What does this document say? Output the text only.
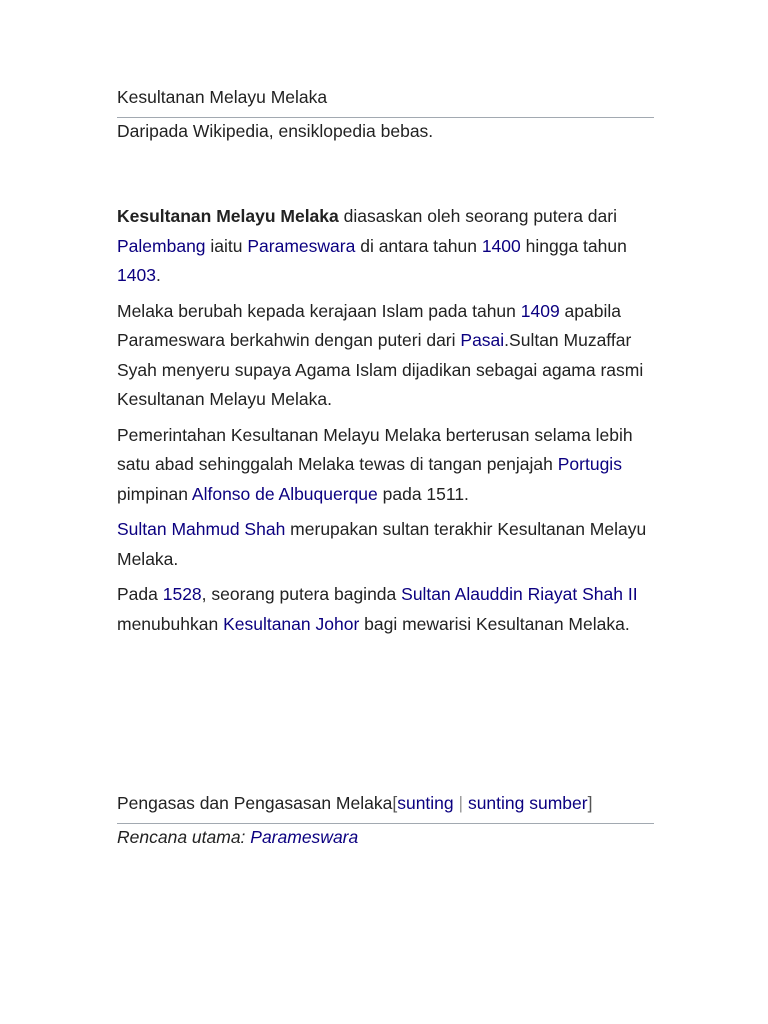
Kesultanan Melayu Melaka
Daripada Wikipedia, ensiklopedia bebas.

Kesultanan Melayu Melaka diasaskan oleh seorang putera dari Palembang iaitu Parameswara di antara tahun 1400 hingga tahun 1403.

Melaka berubah kepada kerajaan Islam pada tahun 1409 apabila Parameswara berkahwin dengan puteri dari Pasai.Sultan Muzaffar Syah menyeru supaya Agama Islam dijadikan sebagai agama rasmi Kesultanan Melayu Melaka.

Pemerintahan Kesultanan Melayu Melaka berterusan selama lebih satu abad sehinggalah Melaka tewas di tangan penjajah Portugis pimpinan Alfonso de Albuquerque pada 1511.

Sultan Mahmud Shah merupakan sultan terakhir Kesultanan Melayu Melaka.

Pada 1528, seorang putera baginda Sultan Alauddin Riayat Shah II menubuhkan Kesultanan Johor bagi mewarisi Kesultanan Melaka.

Pengasas dan Pengasasan Melaka[sunting | sunting sumber]
Rencana utama: Parameswara
